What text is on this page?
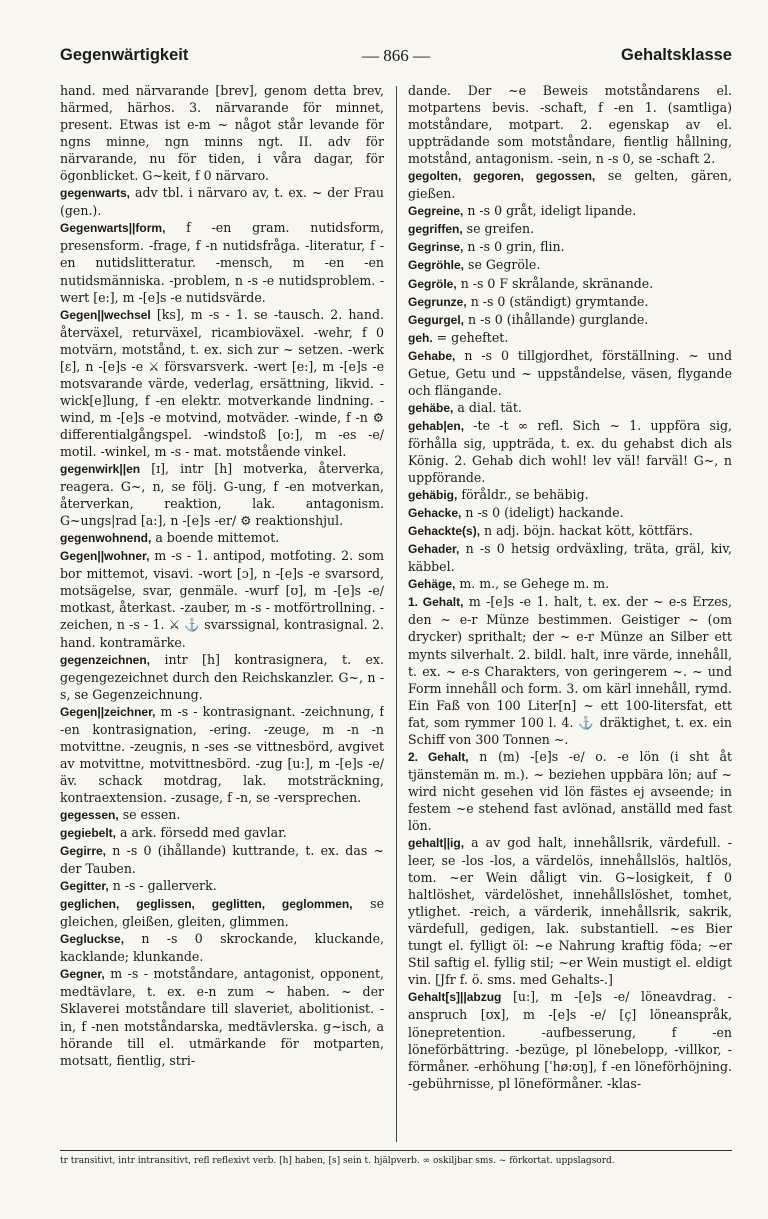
Gegenwärtigkeit	— 866 —	Gehaltsklasse

hand. med närvarande [brev], genom detta brev, härmed, härhos. 3. närvarande för minnet, present. Etwas ist e-m ~ något står levande för ngns minne, ngn minns ngt. II. adv för närvarande, nu för tiden, i våra dagar, för ögonblicket. G~keit, f 0 närvaro.

gegenwarts, adv tbl. i närvaro av, t. ex. ~ der Frau (gen.).

Gegenwarts||form, f -en gram. nutidsform, presensform. -frage, f -n nutidsfråga. -literatur, f -en nutidslitteratur. -mensch, m -en -en nutidsmänniska. -problem, n -s -e nutidsproblem. -wert [e:], m -[e]s -e nutidsvärde.

Gegen||wechsel [ks], m -s - 1. se -tausch. 2. hand. återväxel, returväxel, ricambioväxel. -wehr, f 0 motvärn, motstånd, t. ex. sich zur ~ setzen. -werk [ɛ], n -[e]s -e ⚔ försvarsverk. -wert [e:], m -[e]s -e motsvarande värde, vederlag, ersättning, likvid. -wick[e]lung, f -en elektr. motverkande lindning. -wind, m -[e]s -e motvind, motväder. -winde, f -n ⚙ differentialgångspel. -windstoß [o:], m -es -e/ motil. -winkel, m -s - mat. motstående vinkel.

gegenwirk||en [ɪ], intr [h] motverka, återverka, reagera. G~, n, se följ. G-ung, f -en motverkan, återverkan, reaktion, lak. antagonism. G~ungs|rad [a:], n -[e]s -er/ ⚙ reaktionshjul.

gegenwohnend, a boende mittemot.

Gegen||wohner, m -s - 1. antipod, motfoting. 2. som bor mittemot, visavi. -wort [ɔ], n -[e]s -e svarsord, motsägelse, svar, genmäle. -wurf [ʊ], m -[e]s -e/ motkast, återkast. -zauber, m -s - motförtrollning. -zeichen, n -s - 1. ⚔ ⚓ svarssignal, kontrasignal. 2. hand. kontramärke.

gegenzeichnen, intr [h] kontrasignera, t. ex. gegengezeichnet durch den Reichskanzler. G~, n -s, se Gegenzeichnung.

Gegen||zeichner, m -s - kontrasignant. -zeichnung, f -en kontrasignation, -ering. -zeuge, m -n -n motvittne. -zeugnis, n -ses -se vittnesbörd, avgivet av motvittne, motvittnesbörd. -zug [u:], m -[e]s -e/ äv. schack motdrag, lak. motsträckning, kontraextension. -zusage, f -n, se -versprechen.

gegessen, se essen.

gegiebelt, a ark. försedd med gavlar.

Gegirre, n -s 0 (ihållande) kuttrande, t. ex. das ~ der Tauben.

Gegitter, n -s - gallerverk.

geglichen, geglissen, geglitten, geglommen, se gleichen, gleißen, gleiten, glimmen.

Gegluckse, n -s 0 skrockande, kluckande, kacklande; klunkande.

Gegner, m -s - motståndare, antagonist, opponent, medtävlare, t. ex. e-n zum ~ haben. ~ der Sklaverei motståndare till slaveriet, abolitionist. -in, f -nen motståndarska, medtävlerska. g~isch, a hörande till el. utmärkande för motparten, motsatt, fientlig, stri-

dande. Der ~e Beweis motståndarens el. motpartens bevis. -schaft, f -en 1. (samtliga) motståndare, motpart. 2. egenskap av el. uppträdande som motståndare, fientlig hållning, motstånd, antagonism. -sein, n -s 0, se -schaft 2.

gegolten, gegoren, gegossen, se gelten, gären, gießen.

Gegreine, n -s 0 gråt, ideligt lipande.

gegriffen, se greifen.

Gegrinse, n -s 0 grin, flin.

Gegröhle, se Gegröle.

Gegröle, n -s 0 F skrålande, skränande.

Gegrunze, n -s 0 (ständigt) grymtande.

Gegurgel, n -s 0 (ihållande) gurglande.

geh. = geheftet.

Gehabe, n -s 0 tillgjordhet, förställning. ~ und Getue, Getu und ~ uppståndelse, väsen, flygande och flängande.

gehäbe, a dial. tät.

gehab|en, -te -t ∞ refl. Sich ~ 1. uppföra sig, förhålla sig, uppträda, t. ex. du gehabst dich als König. 2. Gehab dich wohl! lev väl! farväl! G~, n uppförande.

gehäbig, föråldr., se behäbig.

Gehacke, n -s 0 (ideligt) hackande.

Gehackte(s), n adj. böjn. hackat kött, köttfärs.

Gehader, n -s 0 hetsig ordväxling, träta, gräl, kiv, käbbel.

Gehäge, m. m., se Gehege m. m.

1. Gehalt, m -[e]s -e 1. halt, t. ex. der ~ e-s Erzes, den ~ e-r Münze bestimmen. Geistiger ~ (om drycker) sprithalt; der ~ e-r Münze an Silber ett mynts silverhalt. 2. bildl. halt, inre värde, innehåll, t. ex. ~ e-s Charakters, von geringerem ~. ~ und Form innehåll och form. 3. om kärl innehåll, rymd. Ein Faß von 100 Liter[n] ~ ett 100-litersfat, ett fat, som rymmer 100 l. 4. ⚓ dräktighet, t. ex. ein Schiff von 300 Tonnen ~.

2. Gehalt, n (m) -[e]s -e/ o. -e lön (i sht åt tjänstemän m. m.). ~ beziehen uppbära lön; auf ~ wird nicht gesehen vid lön fästes ej avseende; in festem ~e stehend fast avlönad, anställd med fast lön.

gehalt||ig, a av god halt, innehållsrik, värdefull. -leer, se -los -los, a värdelös, innehållslös, haltlös, tom. ~er Wein dåligt vin. G~losigkeit, f 0 haltlöshet, värdelöshet, innehållslöshet, tomhet, ytlighet. -reich, a värderik, innehållsrik, sakrik, värdefull, gedigen, lak. substantiell. ~es Bier tungt el. fylligt öl: ~e Nahrung kraftig föda; ~er Stil saftig el. fyllig stil; ~er Wein mustigt el. eldigt vin. [Jfr f. ö. sms. med Gehalts-.]

Gehalt[s]||abzug [u:], m -[e]s -e/ löneavdrag. -anspruch [ʊx], m -[e]s -e/ [ç] löneanspråk, lönepretention. -aufbesserung, f -en löneförbättring. -bezüge, pl lönebelopp, -villkor, -förmåner. -erhöhung [ˈhø:ʊŋ], f -en löneförhöjning. -gebührnisse, pl löneförmåner. -klas-

tr transitivt, intr intransitivt, refl reflexivt verb. [h] haben, [s] sein t. hjälpverb. ∞ oskiljbar sms. ~ förkortat. uppslagsord.
